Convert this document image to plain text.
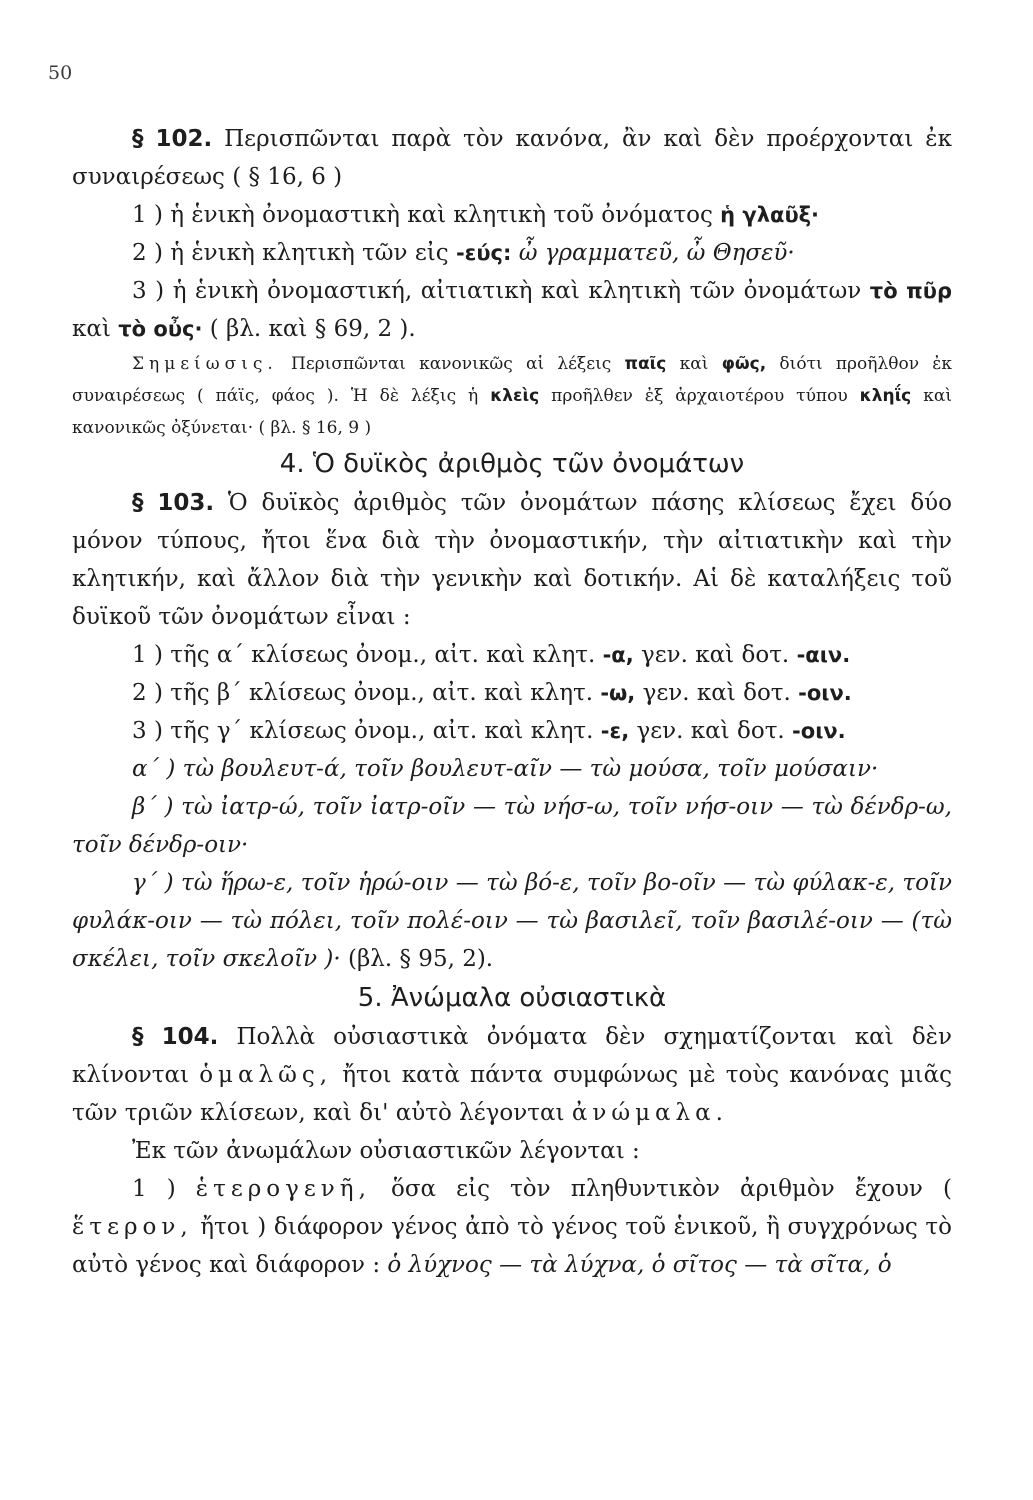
50

§ 102. Περισπῶνται παρὰ τὸν κανόνα, ἂν καὶ δὲν προέρχονται ἐκ συναιρέσεως ( § 16, 6 )

1 ) ἡ ἑνικὴ ὀνομαστικὴ καὶ κλητικὴ τοῦ ὀνόματος ἡ γλαῦξ·

2 ) ἡ ἑνικὴ κλητικὴ τῶν εἰς -εύς: ὦ γραμματεῦ, ὦ Θησεῦ·

3 ) ἡ ἑνικὴ ὀνομαστική, αἰτιατικὴ καὶ κλητικὴ τῶν ὀνομάτων τὸ πῦρ καὶ τὸ οὖς· ( βλ. καὶ § 69, 2 ).

Σημείωσις. Περισπῶνται κανονικῶς αἱ λέξεις παῖς καὶ φῶς, διότι προῆλθον ἐκ συναιρέσεως ( πάϊς, φάος ). Ἡ δὲ λέξις ἡ κλεὶς προῆλθεν ἐξ ἀρχαιοτέρου τύπου κληΐς καὶ κανονικῶς ὀξύνεται· ( βλ. § 16, 9 )

4. Ὁ δυϊκὸς ἀριθμὸς τῶν ὀνομάτων

§ 103. Ὁ δυϊκὸς ἀριθμὸς τῶν ὀνομάτων πάσης κλίσεως ἔχει δύο μόνον τύπους, ἤτοι ἕνα διὰ τὴν ὀνομαστικήν, τὴν αἰτιατικὴν καὶ τὴν κλητικήν, καὶ ἄλλον διὰ τὴν γενικὴν καὶ δοτικήν. Αἱ δὲ καταλήξεις τοῦ δυϊκοῦ τῶν ὀνομάτων εἶναι :

1 ) τῆς α΄ κλίσεως ὀνομ., αἰτ. καὶ κλητ. -α, γεν. καὶ δοτ. -αιν.

2 ) τῆς β΄ κλίσεως ὀνομ., αἰτ. καὶ κλητ. -ω, γεν. καὶ δοτ. -οιν.

3 ) τῆς γ΄ κλίσεως ὀνομ., αἰτ. καὶ κλητ. -ε, γεν. καὶ δοτ. -οιν.

α΄ ) τὼ βουλευτ-ά, τοῖν βουλευτ-αῖν — τὼ μούσα, τοῖν μούσαιν·

β΄ ) τὼ ἰατρ-ώ, τοῖν ἰατρ-οῖν — τὼ νήσ-ω, τοῖν νήσ-οιν — τὼ δένδρ-ω, τοῖν δένδρ-οιν·

γ΄ ) τὼ ἥρω-ε, τοῖν ἡρώ-οιν — τὼ βό-ε, τοῖν βο-οῖν — τὼ φύλακ-ε, τοῖν φυλάκ-οιν — τὼ πόλει, τοῖν πολέ-οιν — τὼ βασιλεῖ, τοῖν βασιλέ-οιν — (τὼ σκέλει, τοῖν σκελοῖν )· (βλ. § 95, 2).

5. Ἀνώμαλα οὐσιαστικὰ

§ 104. Πολλὰ οὐσιαστικὰ ὀνόματα δὲν σχηματίζονται καὶ δὲν κλίνονται ὁμαλῶς, ἤτοι κατὰ πάντα συμφώνως μὲ τοὺς κανόνας μιᾶς τῶν τριῶν κλίσεων, καὶ δι' αὐτὸ λέγονται ἀνώμαλα.

Ἐκ τῶν ἀνωμάλων οὐσιαστικῶν λέγονται :

1 ) ἑτερογενῆ, ὅσα εἰς τὸν πληθυντικὸν ἀριθμὸν ἔχουν ( ἕτερον, ἤτοι ) διάφορον γένος ἀπὸ τὸ γένος τοῦ ἑνικοῦ, ἢ συγχρόνως τὸ αὐτὸ γένος καὶ διάφορον : ὁ λύχνος — τὰ λύχνα, ὁ σῖτος — τὰ σῖτα, ὁ
